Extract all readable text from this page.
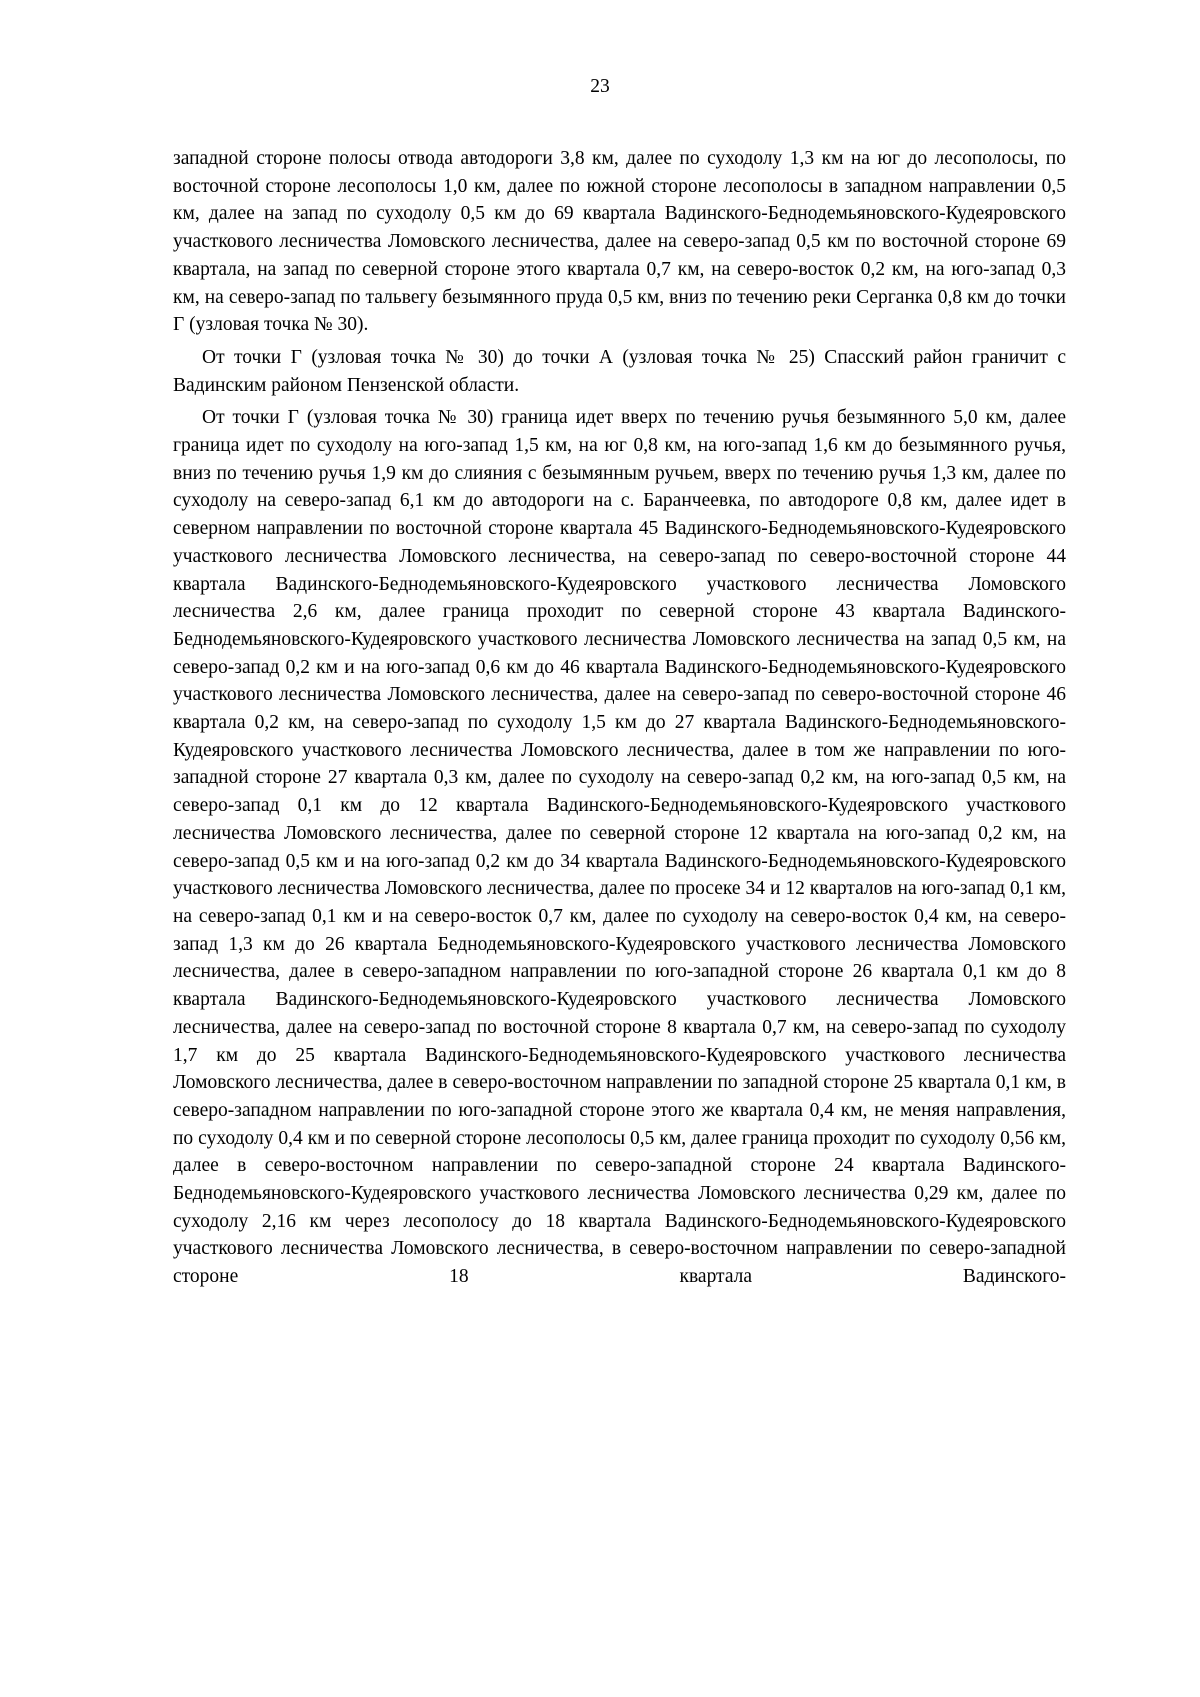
23

западной стороне полосы отвода автодороги 3,8 км, далее по суходолу 1,3 км на юг до лесополосы, по восточной стороне лесополосы 1,0 км, далее по южной стороне лесополосы в западном направлении 0,5 км, далее на запад по суходолу 0,5 км до 69 квартала Вадинского-Беднодемьяновского-Кудеяровского участкового лесничества Ломовского лесничества, далее на северо-запад 0,5 км по восточной стороне 69 квартала, на запад по северной стороне этого квартала 0,7 км, на северо-восток 0,2 км, на юго-запад 0,3 км, на северо-запад по тальвегу безымянного пруда 0,5 км, вниз по течению реки Серганка 0,8 км до точки Г (узловая точка № 30).

От точки Г (узловая точка № 30) до точки А (узловая точка № 25) Спасский район граничит с Вадинским районом Пензенской области.

От точки Г (узловая точка № 30) граница идет вверх по течению ручья безымянного 5,0 км, далее граница идет по суходолу на юго-запад 1,5 км, на юг 0,8 км, на юго-запад 1,6 км до безымянного ручья, вниз по течению ручья 1,9 км до слияния с безымянным ручьем, вверх по течению ручья 1,3 км, далее по суходолу на северо-запад 6,1 км до автодороги на с. Баранчеевка, по автодороге 0,8 км, далее идет в северном направлении по восточной стороне квартала 45 Вадинского-Беднодемьяновского-Кудеяровского участкового лесничества Ломовского лесничества, на северо-запад по северо-восточной стороне 44 квартала Вадинского-Беднодемьяновского-Кудеяровского участкового лесничества Ломовского лесничества 2,6 км, далее граница проходит по северной стороне 43 квартала Вадинского-Беднодемьяновского-Кудеяровского участкового лесничества Ломовского лесничества на запад 0,5 км, на северо-запад 0,2 км и на юго-запад 0,6 км до 46 квартала Вадинского-Беднодемьяновского-Кудеяровского участкового лесничества Ломовского лесничества, далее на северо-запад по северо-восточной стороне 46 квартала 0,2 км, на северо-запад по суходолу 1,5 км до 27 квартала Вадинского-Беднодемьяновского-Кудеяровского участкового лесничества Ломовского лесничества, далее в том же направлении по юго-западной стороне 27 квартала 0,3 км, далее по суходолу на северо-запад 0,2 км, на юго-запад 0,5 км, на северо-запад 0,1 км до 12 квартала Вадинского-Беднодемьяновского-Кудеяровского участкового лесничества Ломовского лесничества, далее по северной стороне 12 квартала на юго-запад 0,2 км, на северо-запад 0,5 км и на юго-запад 0,2 км до 34 квартала Вадинского-Беднодемьяновского-Кудеяровского участкового лесничества Ломовского лесничества, далее по просеке 34 и 12 кварталов на юго-запад 0,1 км, на северо-запад 0,1 км и на северо-восток 0,7 км, далее по суходолу на северо-восток 0,4 км, на северо-запад 1,3 км до 26 квартала Беднодемьяновского-Кудеяровского участкового лесничества Ломовского лесничества, далее в северо-западном направлении по юго-западной стороне 26 квартала 0,1 км до 8 квартала Вадинского-Беднодемьяновского-Кудеяровского участкового лесничества Ломовского лесничества, далее на северо-запад по восточной стороне 8 квартала 0,7 км, на северо-запад по суходолу 1,7 км до 25 квартала Вадинского-Беднодемьяновского-Кудеяровского участкового лесничества Ломовского лесничества, далее в северо-восточном направлении по западной стороне 25 квартала 0,1 км, в северо-западном направлении по юго-западной стороне этого же квартала 0,4 км, не меняя направления, по суходолу 0,4 км и по северной стороне лесополосы 0,5 км, далее граница проходит по суходолу 0,56 км, далее в северо-восточном направлении по северо-западной стороне 24 квартала Вадинского-Беднодемьяновского-Кудеяровского участкового лесничества Ломовского лесничества 0,29 км, далее по суходолу 2,16 км через лесополосу до 18 квартала Вадинского-Беднодемьяновского-Кудеяровского участкового лесничества Ломовского лесничества, в северо-восточном направлении по северо-западной стороне 18 квартала Вадинского-
